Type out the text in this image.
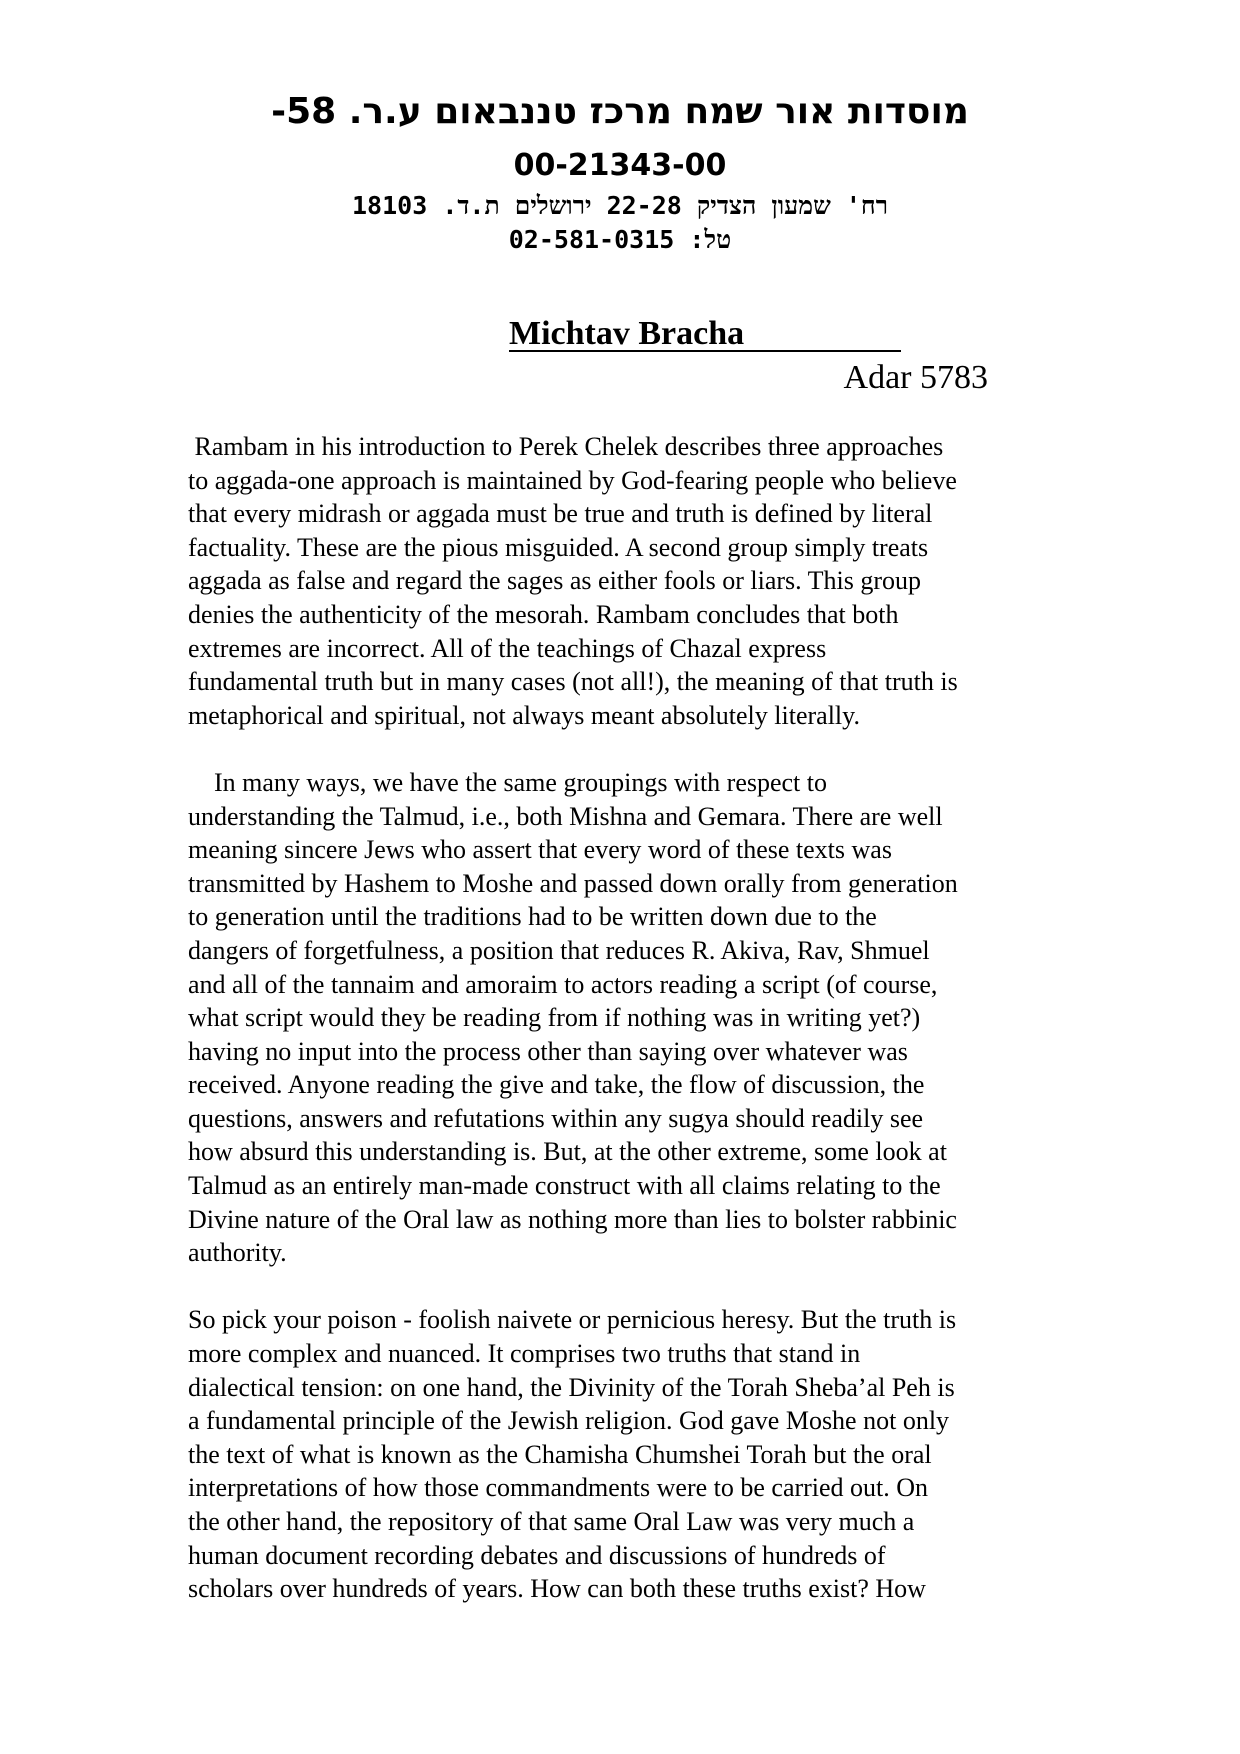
מוסדות אור שמח מרכז טננבאום ע.ר. 58-
00-21343-00
רח' שמעון הצדיק 22-28 ירושלים ת.ד. 18103
טל: 02-581-0315
Michtav Bracha
Adar 5783
Rambam in his introduction to Perek Chelek describes three approaches
to aggada-one approach is maintained by God-fearing people who believe
that every midrash or aggada must be true and truth is defined by literal
factuality. These are the pious misguided. A second group simply treats
aggada as false and regard the sages as either fools or liars. This group
denies the authenticity of the mesorah. Rambam concludes that both
extremes are incorrect. All of the teachings of Chazal express
fundamental truth but in many cases (not all!), the meaning of that truth is
metaphorical and spiritual, not always meant absolutely literally.
In many ways, we have the same groupings with respect to
understanding the Talmud, i.e., both Mishna and Gemara. There are well
meaning sincere Jews who assert that every word of these texts was
transmitted by Hashem to Moshe and passed down orally from generation
to generation until the traditions had to be written down due to the
dangers of forgetfulness, a position that reduces R. Akiva, Rav, Shmuel
and all of the tannaim and amoraim to actors reading a script (of course,
what script would they be reading from if nothing was in writing yet?)
having no input into the process other than saying over whatever was
received. Anyone reading the give and take, the flow of discussion, the
questions, answers and refutations within any sugya should readily see
how absurd this understanding is. But, at the other extreme, some look at
Talmud as an entirely man-made construct with all claims relating to the
Divine nature of the Oral law as nothing more than lies to bolster rabbinic
authority.
So pick your poison - foolish naivete or pernicious heresy. But the truth is
more complex and nuanced. It comprises two truths that stand in
dialectical tension: on one hand, the Divinity of the Torah Sheba’al Peh is
a fundamental principle of the Jewish religion. God gave Moshe not only
the text of what is known as the Chamisha Chumshei Torah but the oral
interpretations of how those commandments were to be carried out. On
the other hand, the repository of that same Oral Law was very much a
human document recording debates and discussions of hundreds of
scholars over hundreds of years. How can both these truths exist? How
